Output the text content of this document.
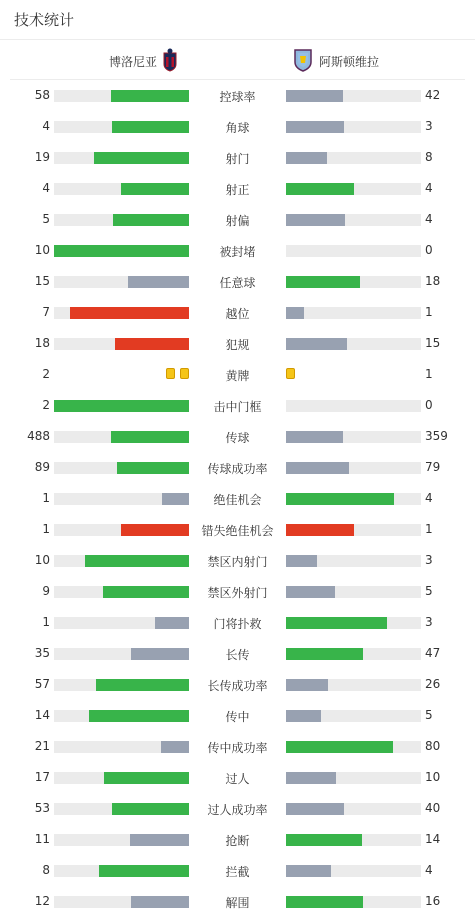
技术统计
博洛尼亚	阿斯顿维拉
58	控球率	42
4	角球	3
19	射门	8
4	射正	4
5	射偏	4
10	被封堵	0
15	任意球	18
7	越位	1
18	犯规	15
2	黄牌	1
2	击中门框	0
488	传球	359
89	传球成功率	79
1	绝佳机会	4
1	错失绝佳机会	1
10	禁区内射门	3
9	禁区外射门	5
1	门将扑救	3
35	长传	47
57	长传成功率	26
14	传中	5
21	传中成功率	80
17	过人	10
53	过人成功率	40
11	抢断	14
8	拦截	4
12	解围	16
